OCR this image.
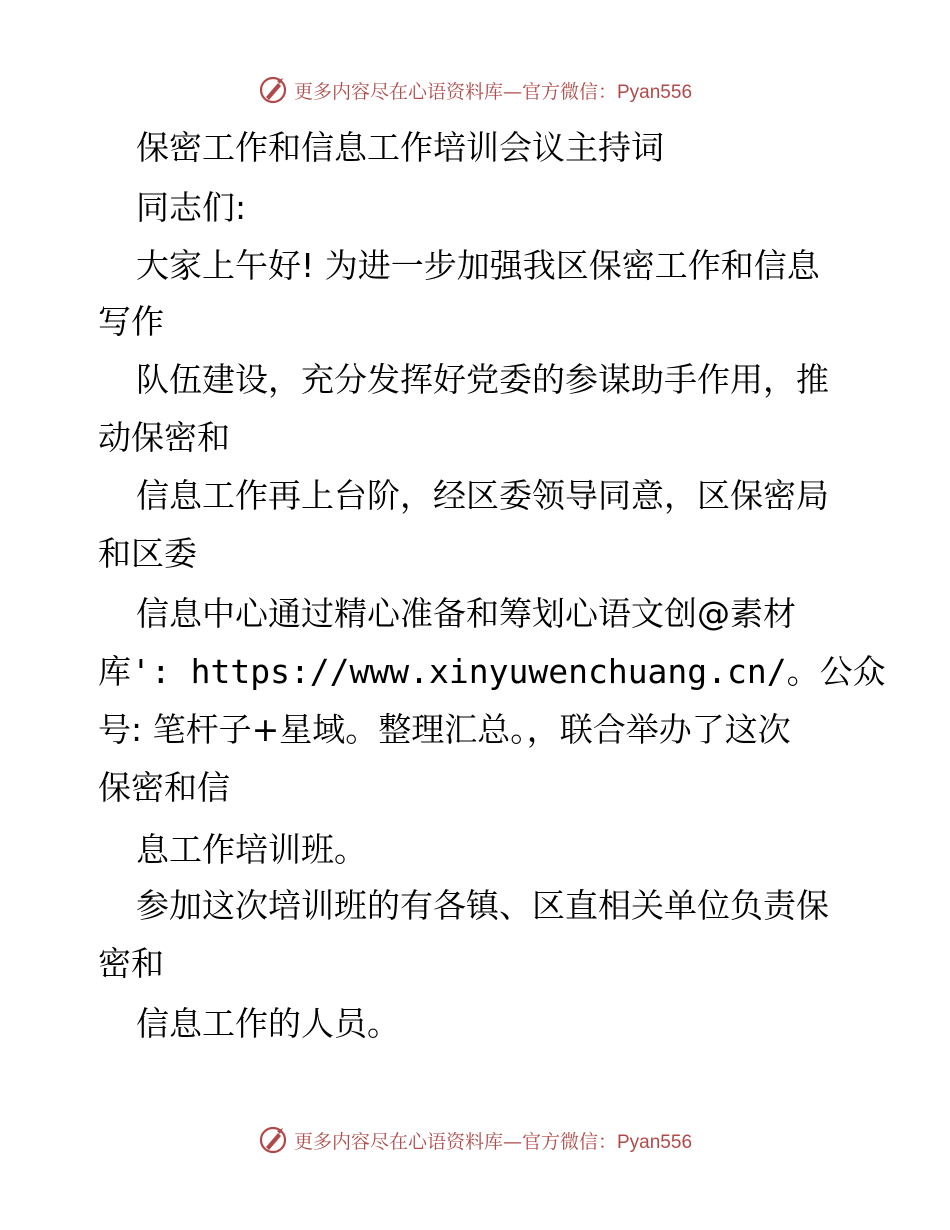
更多内容尽在心语资料库—官方微信：Pyan556
保密工作和信息工作培训会议主持词
同志们:
大家上午好! 为进一步加强我区保密工作和信息
写作
队伍建设，充分发挥好党委的参谋助手作用，推
动保密和
信息工作再上台阶，经区委领导同意，区保密局
和区委
信息中心通过精心准备和筹划心语文创@素材
库': https://www.xinyuwenchuang.cn/。公众
号: 笔杆子+星域。整理汇总。，联合举办了这次
保密和信
息工作培训班。
参加这次培训班的有各镇、区直相关单位负责保
密和
信息工作的人员。
更多内容尽在心语资料库—官方微信：Pyan556
